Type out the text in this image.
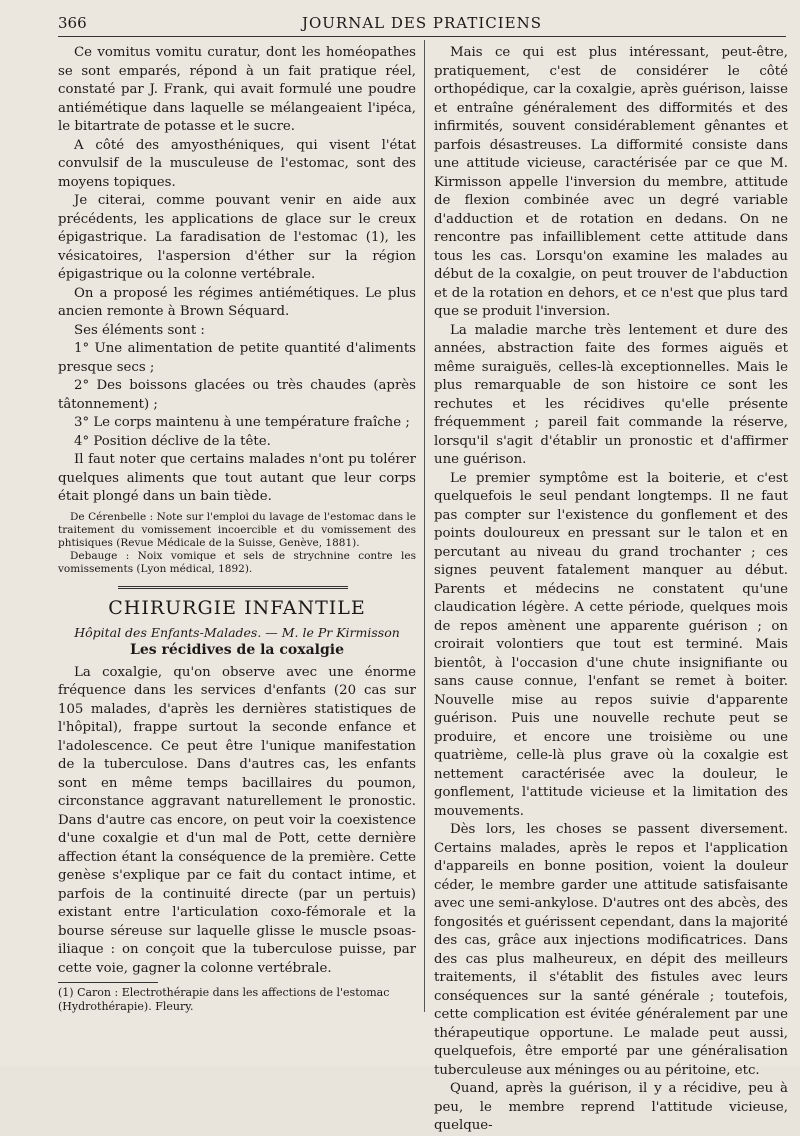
366	JOURNAL DES PRATICIENS

Ce vomitus vomitu curatur, dont les homéopathes se sont emparés, répond à un fait pratique réel, constaté par J. Frank, qui avait formulé une poudre antiémétique dans laquelle se mélangeaient l'ipéca, le bitartrate de potasse et le sucre.

A côté des amyosthéniques, qui visent l'état convulsif de la musculeuse de l'estomac, sont des moyens topiques.

Je citerai, comme pouvant venir en aide aux précédents, les applications de glace sur le creux épigastrique. La faradisation de l'estomac (1), les vésicatoires, l'aspersion d'éther sur la région épigastrique ou la colonne vertébrale.

On a proposé les régimes antiémétiques. Le plus ancien remonte à Brown Séquard.

Ses éléments sont :

1° Une alimentation de petite quantité d'aliments presque secs ;

2° Des boissons glacées ou très chaudes (après tâtonnement) ;

3° Le corps maintenu à une température fraîche ;

4° Position déclive de la tête.

Il faut noter que certains malades n'ont pu tolérer quelques aliments que tout autant que leur corps était plongé dans un bain tiède.

De Cérenbelle : Note sur l'emploi du lavage de l'estomac dans le traitement du vomissement incoercible et du vomissement des phtisiques (Revue Médicale de la Suisse, Genève, 1881).

Debauge : Noix vomique et sels de strychnine contre les vomissements (Lyon médical, 1892).

CHIRURGIE INFANTILE
Hôpital des Enfants-Malades. — M. le Pr Kirmisson
Les récidives de la coxalgie

La coxalgie, qu'on observe avec une énorme fréquence dans les services d'enfants (20 cas sur 105 malades, d'après les dernières statistiques de l'hôpital), frappe surtout la seconde enfance et l'adolescence. Ce peut être l'unique manifestation de la tuberculose. Dans d'autres cas, les enfants sont en même temps bacillaires du poumon, circonstance aggravant naturellement le pronostic. Dans d'autre cas encore, on peut voir la coexistence d'une coxalgie et d'un mal de Pott, cette dernière affection étant la conséquence de la première. Cette genèse s'explique par ce fait du contact intime, et parfois de la continuité directe (par un pertuis) existant entre l'articulation coxo-fémorale et la bourse séreuse sur laquelle glisse le muscle psoas-iliaque : on conçoit que la tuberculose puisse, par cette voie, gagner la colonne vertébrale.

(1) Caron : Electrothérapie dans les affections de l'estomac (Hydrothérapie). Fleury.

Mais ce qui est plus intéressant, peut-être, pratiquement, c'est de considérer le côté orthopédique, car la coxalgie, après guérison, laisse et entraîne généralement des difformités et des infirmités, souvent considérablement gênantes et parfois désastreuses. La difformité consiste dans une attitude vicieuse, caractérisée par ce que M. Kirmisson appelle l'inversion du membre, attitude de flexion combinée avec un degré variable d'adduction et de rotation en dedans. On ne rencontre pas infailliblement cette attitude dans tous les cas. Lorsqu'on examine les malades au début de la coxalgie, on peut trouver de l'abduction et de la rotation en dehors, et ce n'est que plus tard que se produit l'inversion.

La maladie marche très lentement et dure des années, abstraction faite des formes aiguës et même suraiguës, celles-là exceptionnelles. Mais le plus remarquable de son histoire ce sont les rechutes et les récidives qu'elle présente fréquemment ; pareil fait commande la réserve, lorsqu'il s'agit d'établir un pronostic et d'affirmer une guérison.

Le premier symptôme est la boiterie, et c'est quelquefois le seul pendant longtemps. Il ne faut pas compter sur l'existence du gonflement et des points douloureux en pressant sur le talon et en percutant au niveau du grand trochanter ; ces signes peuvent fatalement manquer au début. Parents et médecins ne constatent qu'une claudication légère. A cette période, quelques mois de repos amènent une apparente guérison ; on croirait volontiers que tout est terminé. Mais bientôt, à l'occasion d'une chute insignifiante ou sans cause connue, l'enfant se remet à boiter. Nouvelle mise au repos suivie d'apparente guérison. Puis une nouvelle rechute peut se produire, et encore une troisième ou une quatrième, celle-là plus grave où la coxalgie est nettement caractérisée avec la douleur, le gonflement, l'attitude vicieuse et la limitation des mouvements.

Dès lors, les choses se passent diversement. Certains malades, après le repos et l'application d'appareils en bonne position, voient la douleur céder, le membre garder une attitude satisfaisante avec une semi-ankylose. D'autres ont des abcès, des fongosités et guérissent cependant, dans la majorité des cas, grâce aux injections modificatrices. Dans des cas plus malheureux, en dépit des meilleurs traitements, il s'établit des fistules avec leurs conséquences sur la santé générale ; toutefois, cette complication est évitée généralement par une thérapeutique opportune. Le malade peut aussi, quelquefois, être emporté par une généralisation tuberculeuse aux méninges ou au péritoine, etc.

Quand, après la guérison, il y a récidive, peu à peu, le membre reprend l'attitude vicieuse, quelque-
